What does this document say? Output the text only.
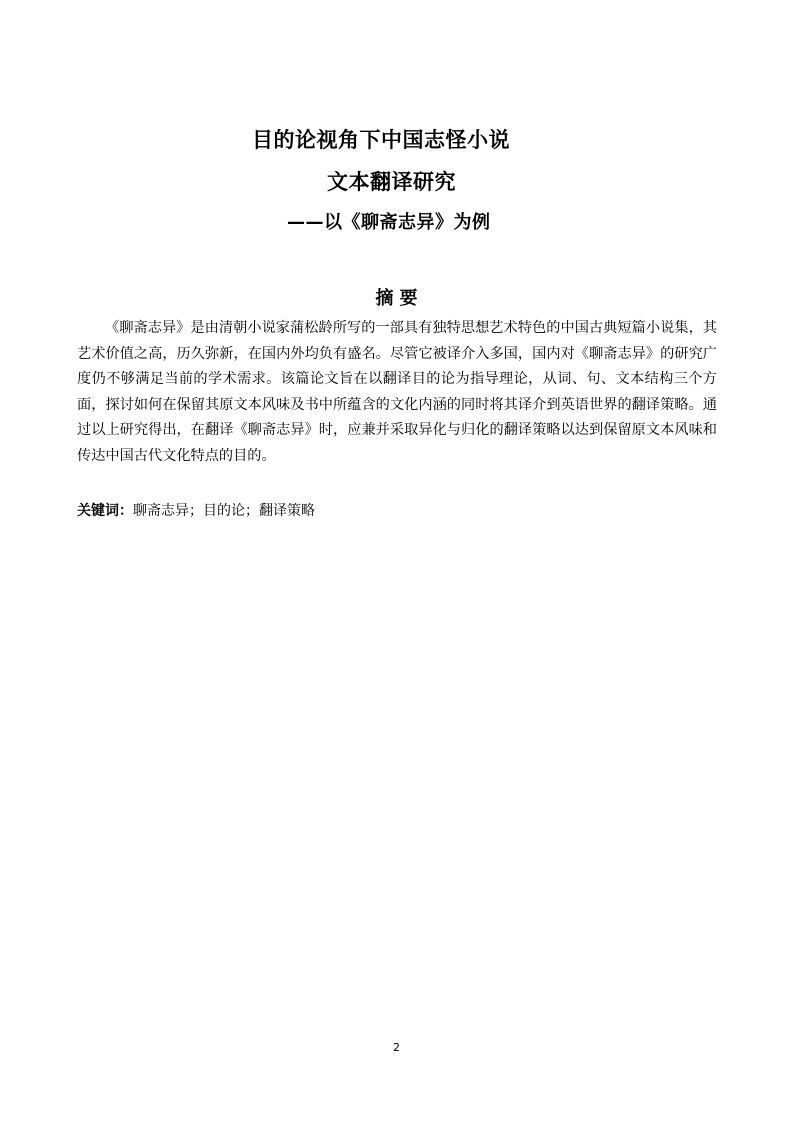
目的论视角下中国志怪小说
文本翻译研究
——以《聊斋志异》为例
摘要

《聊斋志异》是由清朝小说家蒲松龄所写的一部具有独特思想艺术特色的中国古典短篇小说集，其艺术价值之高，历久弥新，在国内外均负有盛名。尽管它被译介入多国，国内对《聊斋志异》的研究广度仍不够满足当前的学术需求。该篇论文旨在以翻译目的论为指导理论，从词、句、文本结构三个方面，探讨如何在保留其原文本风味及书中所蕴含的文化内涵的同时将其译介到英语世界的翻译策略。通过以上研究得出，在翻译《聊斋志异》时，应兼并采取异化与归化的翻译策略以达到保留原文本风味和传达中国古代文化特点的目的。

关键词：聊斋志异；目的论；翻译策略
2
